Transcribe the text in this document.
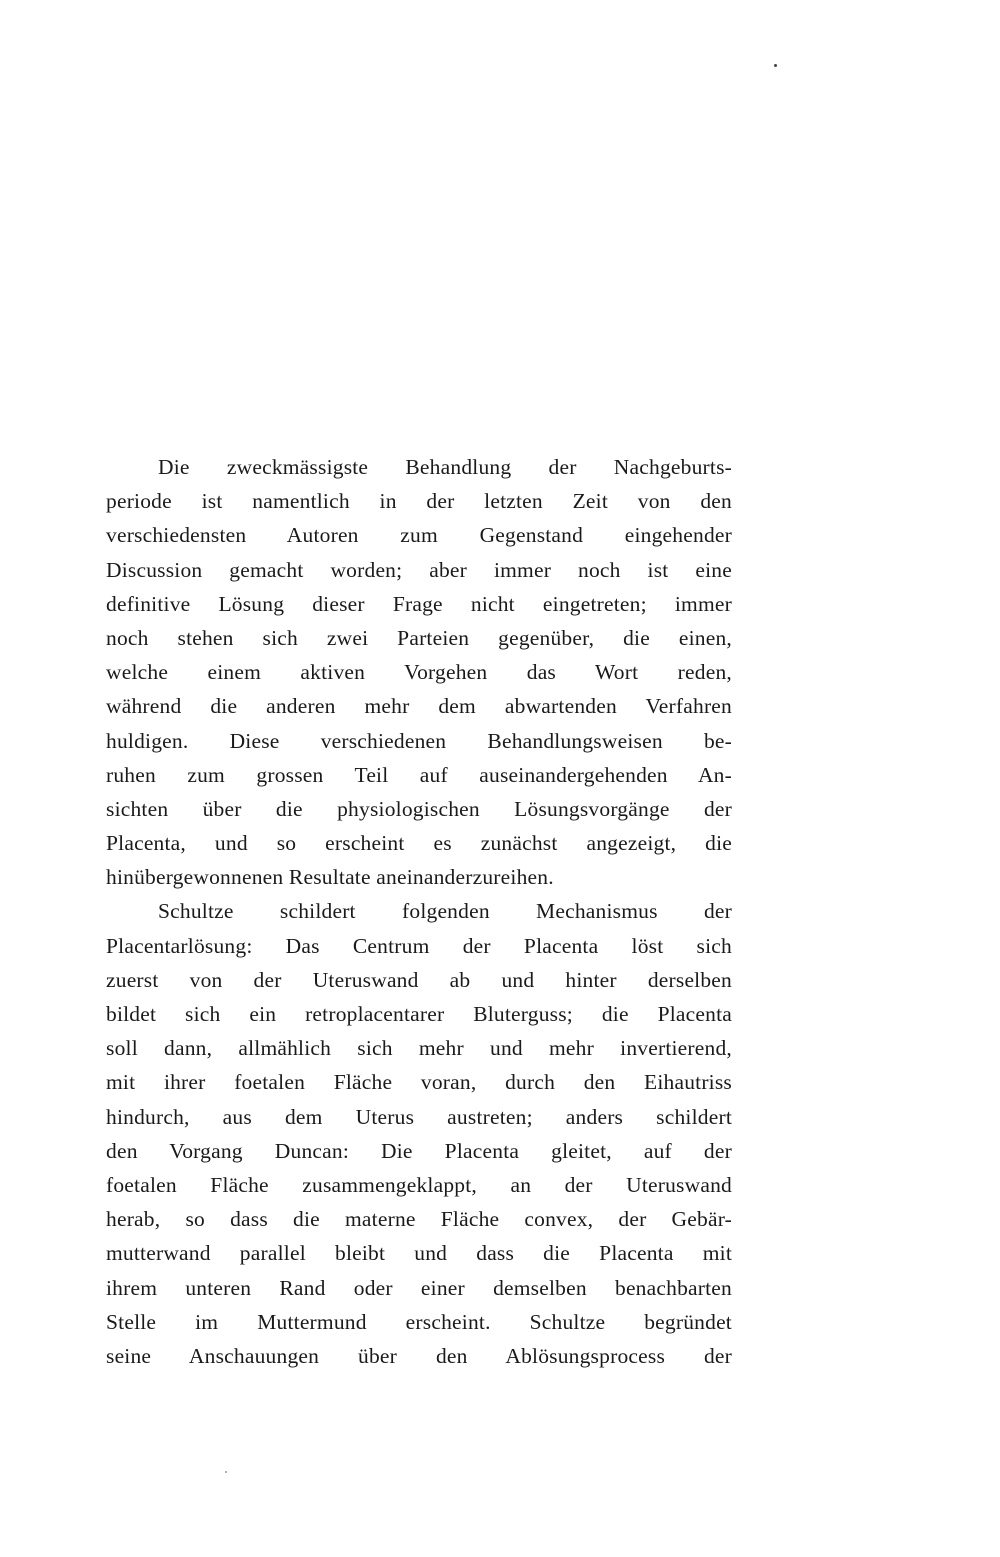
Die zweckmässigste Behandlung der Nachgeburts-
periode ist namentlich in der letzten Zeit von den
verschiedensten Autoren zum Gegenstand eingehender
Discussion gemacht worden; aber immer noch ist eine
definitive Lösung dieser Frage nicht eingetreten; immer
noch stehen sich zwei Parteien gegenüber, die einen,
welche einem aktiven Vorgehen das Wort reden,
während die anderen mehr dem abwartenden Verfahren
huldigen. Diese verschiedenen Behandlungsweisen be-
ruhen zum grossen Teil auf auseinandergehenden An-
sichten über die physiologischen Lösungsvorgänge der
Placenta, und so erscheint es zunächst angezeigt, die
hinübergewonnenen Resultate aneinanderzureihen.
Schultze schildert folgenden Mechanismus der
Placentarlösung: Das Centrum der Placenta löst sich
zuerst von der Uteruswand ab und hinter derselben
bildet sich ein retroplacentarer Bluterguss; die Placenta
soll dann, allmählich sich mehr und mehr invertierend,
mit ihrer foetalen Fläche voran, durch den Eihautriss
hindurch, aus dem Uterus austreten; anders schildert
den Vorgang Duncan: Die Placenta gleitet, auf der
foetalen Fläche zusammengeklappt, an der Uteruswand
herab, so dass die materne Fläche convex, der Gebär-
mutterwand parallel bleibt und dass die Placenta mit
ihrem unteren Rand oder einer demselben benachbarten
Stelle im Muttermund erscheint. Schultze begründet
seine Anschauungen über den Ablösungsprocess der
